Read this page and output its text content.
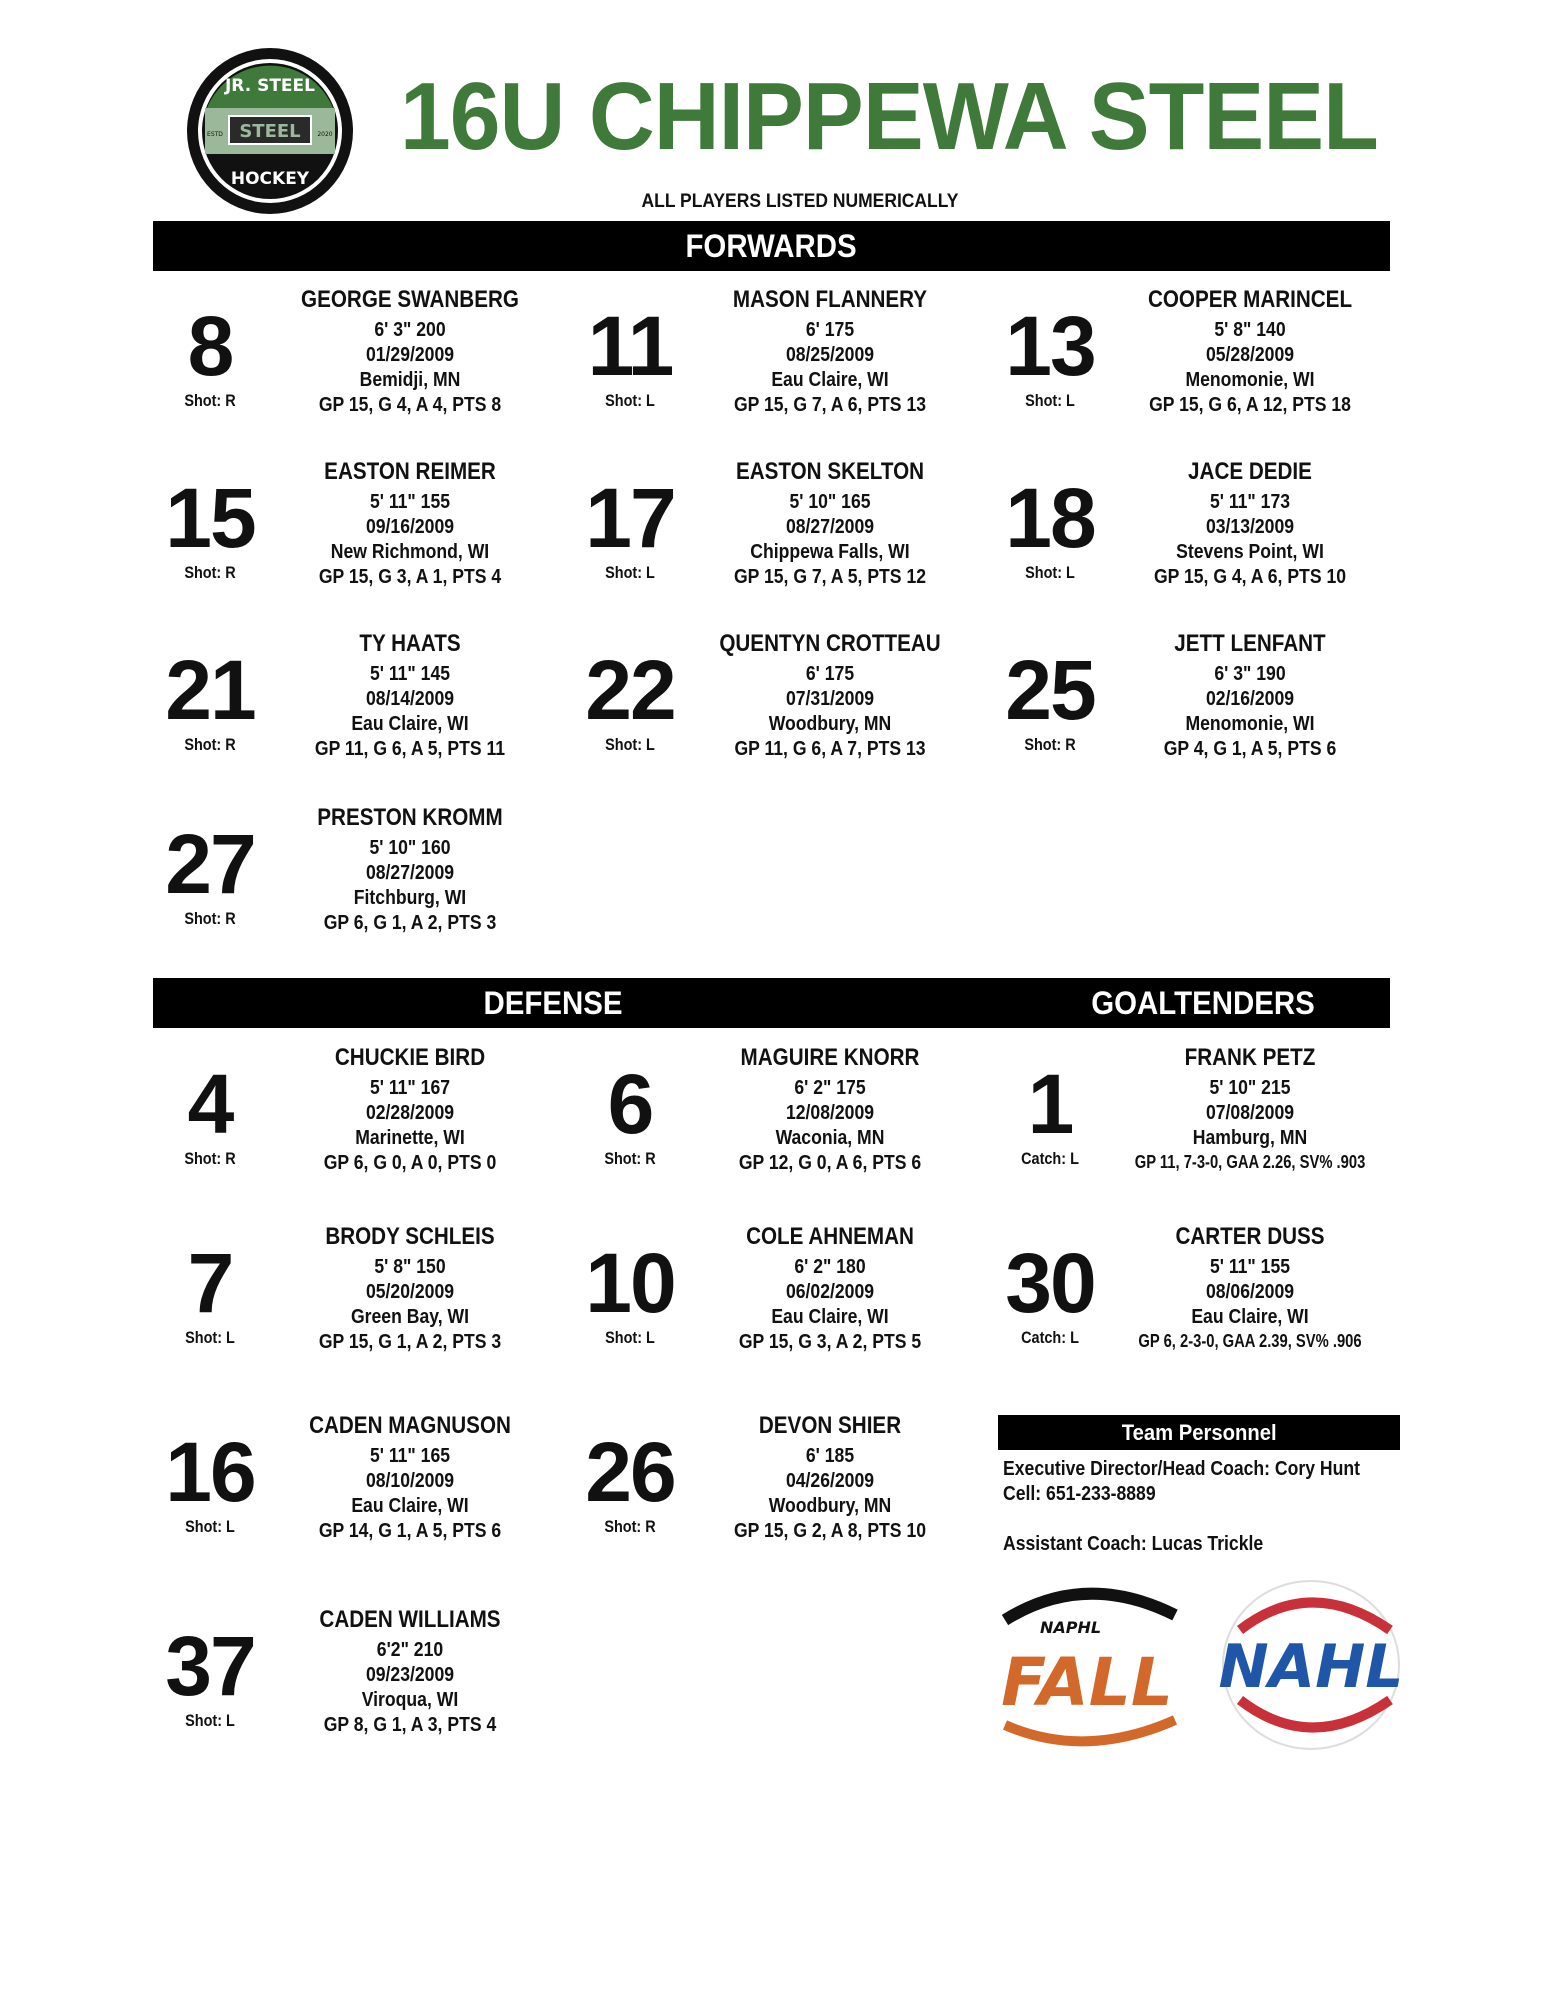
STEEL
JR. STEEL
HOCKEY
ESTD	2020 16U CHIPPEWA STEEL
ALL PLAYERS LISTED NUMERICALLY
FORWARDS
8
Shot: R
GEORGE SWANBERG
6' 3" 200
01/29/2009
Bemidji, MN
GP 15, G 4, A 4, PTS 8
11
Shot: L
MASON FLANNERY
6' 175
08/25/2009
Eau Claire, WI
GP 15, G 7, A 6, PTS 13
13
Shot: L
COOPER MARINCEL
5' 8" 140
05/28/2009
Menomonie, WI
GP 15, G 6, A 12, PTS 18
15
Shot: R
EASTON REIMER
5' 11" 155
09/16/2009
New Richmond, WI
GP 15, G 3, A 1, PTS 4
17
Shot: L
EASTON SKELTON
5' 10" 165
08/27/2009
Chippewa Falls, WI
GP 15, G 7, A 5, PTS 12
18
Shot: L
JACE DEDIE
5' 11" 173
03/13/2009
Stevens Point, WI
GP 15, G 4, A 6, PTS 10
21
Shot: R
TY HAATS
5' 11" 145
08/14/2009
Eau Claire, WI
GP 11, G 6, A 5, PTS 11
22
Shot: L
QUENTYN CROTTEAU
6' 175
07/31/2009
Woodbury, MN
GP 11, G 6, A 7, PTS 13
25
Shot: R
JETT LENFANT
6' 3" 190
02/16/2009
Menomonie, WI
GP 4, G 1, A 5, PTS 6
27
Shot: R
PRESTON KROMM
5' 10" 160
08/27/2009
Fitchburg, WI
GP 6, G 1, A 2, PTS 3
DEFENSE	GOALTENDERS
4
Shot: R
CHUCKIE BIRD
5' 11" 167
02/28/2009
Marinette, WI
GP 6, G 0, A 0, PTS 0
6
Shot: R
MAGUIRE KNORR
6' 2" 175
12/08/2009
Waconia, MN
GP 12, G 0, A 6, PTS 6
7
Shot: L
BRODY SCHLEIS
5' 8" 150
05/20/2009
Green Bay, WI
GP 15, G 1, A 2, PTS 3
10
Shot: L
COLE AHNEMAN
6' 2" 180
06/02/2009
Eau Claire, WI
GP 15, G 3, A 2, PTS 5
16
Shot: L
CADEN MAGNUSON
5' 11" 165
08/10/2009
Eau Claire, WI
GP 14, G 1, A 5, PTS 6
26
Shot: R
DEVON SHIER
6' 185
04/26/2009
Woodbury, MN
GP 15, G 2, A 8, PTS 10
37
Shot: L
CADEN WILLIAMS
6'2" 210
09/23/2009
Viroqua, WI
GP 8, G 1, A 3, PTS 4
1
Catch: L
FRANK PETZ
5' 10" 215
07/08/2009
Hamburg, MN
GP 11, 7-3-0, GAA 2.26, SV% .903
30
Catch: L
CARTER DUSS
5' 11" 155
08/06/2009
Eau Claire, WI
GP 6, 2-3-0, GAA 2.39, SV% .906
Team Personnel
Executive Director/Head Coach: Cory Hunt
Cell: 651-233-8889
Assistant Coach: Lucas Trickle
NAPHL
FALL NAHL
